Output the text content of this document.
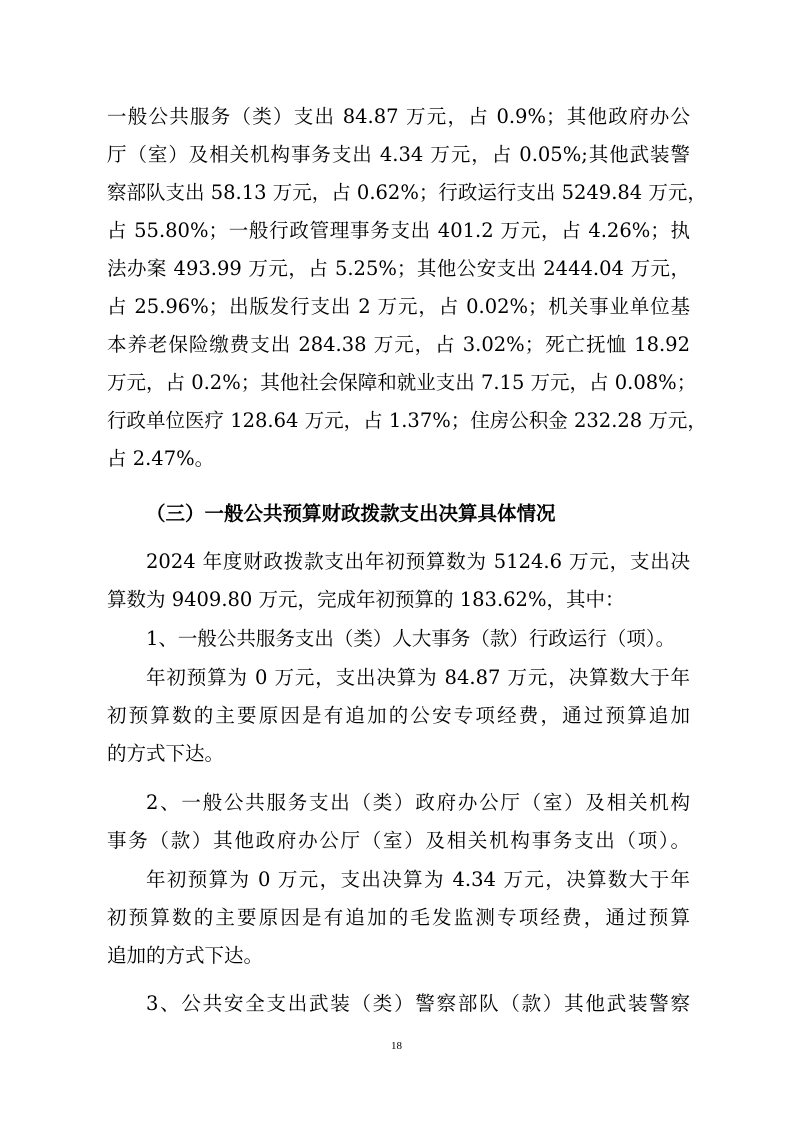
一般公共服务（类）支出 84.87 万元，占 0.9%；其他政府办公
厅（室）及相关机构事务支出 4.34 万元，占 0.05%;其他武装警
察部队支出 58.13 万元，占 0.62%；行政运行支出 5249.84 万元，
占 55.80%；一般行政管理事务支出 401.2 万元，占 4.26%；执
法办案 493.99 万元，占 5.25%；其他公安支出 2444.04 万元，
占 25.96%；出版发行支出 2 万元，占 0.02%；机关事业单位基
本养老保险缴费支出 284.38 万元，占 3.02%；死亡抚恤 18.92
万元，占 0.2%；其他社会保障和就业支出 7.15 万元，占 0.08%；
行政单位医疗 128.64 万元，占 1.37%；住房公积金 232.28 万元，
占 2.47%。
（三）一般公共预算财政拨款支出决算具体情况
2024 年度财政拨款支出年初预算数为 5124.6 万元，支出决
算数为 9409.80 万元，完成年初预算的 183.62%，其中：
1、一般公共服务支出（类）人大事务（款）行政运行（项）。
年初预算为 0 万元，支出决算为 84.87 万元，决算数大于年
初预算数的主要原因是有追加的公安专项经费，通过预算追加
的方式下达。
2、一般公共服务支出（类）政府办公厅（室）及相关机构
事务（款）其他政府办公厅（室）及相关机构事务支出（项）。
年初预算为 0 万元，支出决算为 4.34 万元，决算数大于年
初预算数的主要原因是有追加的毛发监测专项经费，通过预算
追加的方式下达。
3、公共安全支出武装（类）警察部队（款）其他武装警察
18
